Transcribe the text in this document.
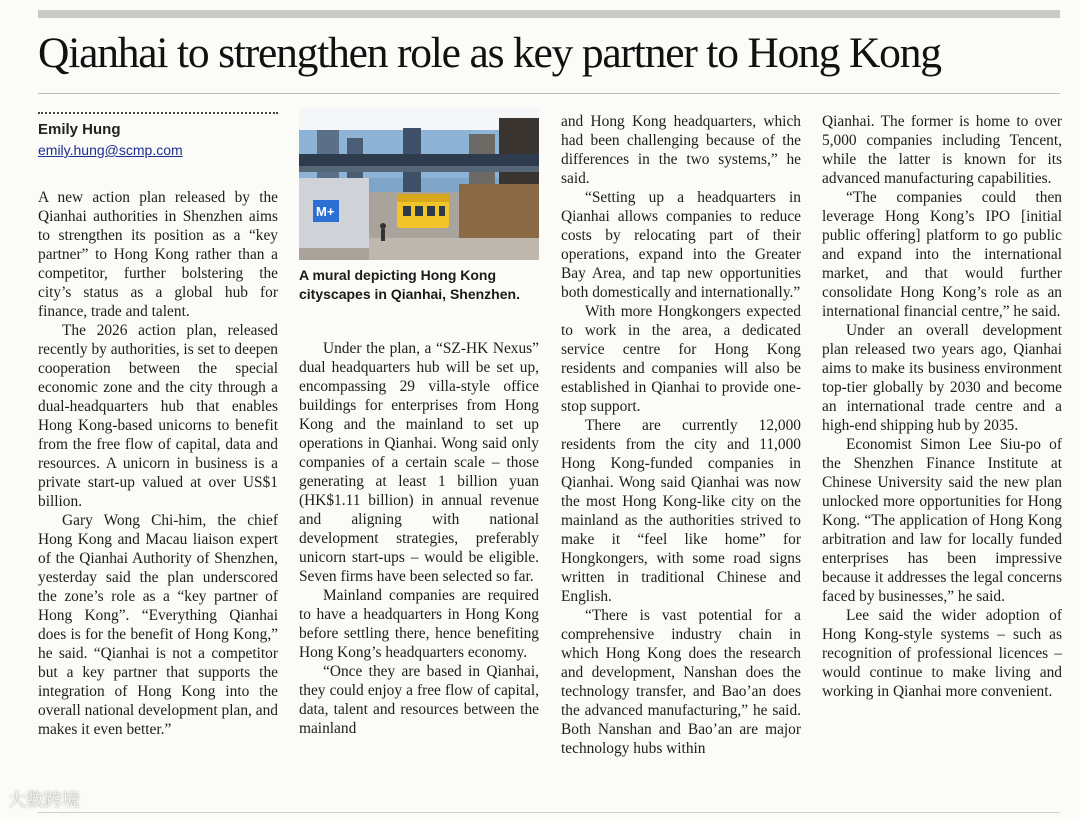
Qianhai to strengthen role as key partner to Hong Kong
Emily Hung
emily.hung@scmp.com

A new action plan released by the Qianhai authorities in Shenzhen aims to strengthen its position as a “key partner” to Hong Kong rather than a competitor, further bolstering the city’s status as a global hub for finance, trade and talent.

The 2026 action plan, released recently by authorities, is set to deepen cooperation between the special economic zone and the city through a dual-headquarters hub that enables Hong Kong-based unicorns to benefit from the free flow of capital, data and resources. A unicorn in business is a private start-up valued at over US$1 billion.

Gary Wong Chi-him, the chief Hong Kong and Macau liaison expert of the Qianhai Authority of Shenzhen, yesterday said the plan underscored the zone’s role as a “key partner of Hong Kong”. “Everything Qianhai does is for the benefit of Hong Kong,” he said. “Qianhai is not a competitor but a key partner that supports the integration of Hong Kong into the overall national development plan, and makes it even better.”

M+
A mural depicting Hong Kong cityscapes in Qianhai, Shenzhen.

Under the plan, a “SZ-HK Nexus” dual headquarters hub will be set up, encompassing 29 villa-style office buildings for enterprises from Hong Kong and the mainland to set up operations in Qianhai. Wong said only companies of a certain scale – those generating at least 1 billion yuan (HK$1.11 billion) in annual revenue and aligning with national development strategies, preferably unicorn start-ups – would be eligible. Seven firms have been selected so far.

Mainland companies are required to have a headquarters in Hong Kong before settling there, hence benefiting Hong Kong’s headquarters economy.

“Once they are based in Qianhai, they could enjoy a free flow of capital, data, talent and resources between the mainland

and Hong Kong headquarters, which had been challenging because of the differences in the two systems,” he said.

“Setting up a headquarters in Qianhai allows companies to reduce costs by relocating part of their operations, expand into the Greater Bay Area, and tap new opportunities both domestically and internationally.”

With more Hongkongers expected to work in the area, a dedicated service centre for Hong Kong residents and companies will also be established in Qianhai to provide one-stop support.

There are currently 12,000 residents from the city and 11,000 Hong Kong-funded companies in Qianhai. Wong said Qianhai was now the most Hong Kong-like city on the mainland as the authorities strived to make it “feel like home” for Hongkongers, with some road signs written in traditional Chinese and English.

“There is vast potential for a comprehensive industry chain in which Hong Kong does the research and development, Nanshan does the technology transfer, and Bao’an does the advanced manufacturing,” he said. Both Nanshan and Bao’an are major technology hubs within

Qianhai. The former is home to over 5,000 companies including Tencent, while the latter is known for its advanced manufacturing capabilities.

“The companies could then leverage Hong Kong’s IPO [initial public offering] platform to go public and expand into the international market, and that would further consolidate Hong Kong’s role as an international financial centre,” he said.

Under an overall development plan released two years ago, Qianhai aims to make its business environment top-tier globally by 2030 and become an international trade centre and a high-end shipping hub by 2035.

Economist Simon Lee Siu-po of the Shenzhen Finance Institute at Chinese University said the new plan unlocked more opportunities for Hong Kong. “The application of Hong Kong arbitration and law for locally funded enterprises has been impressive because it addresses the legal concerns faced by businesses,” he said.

Lee said the wider adoption of Hong Kong-style systems – such as recognition of professional licences – would continue to make living and working in Qianhai more convenient.

大数跨境
